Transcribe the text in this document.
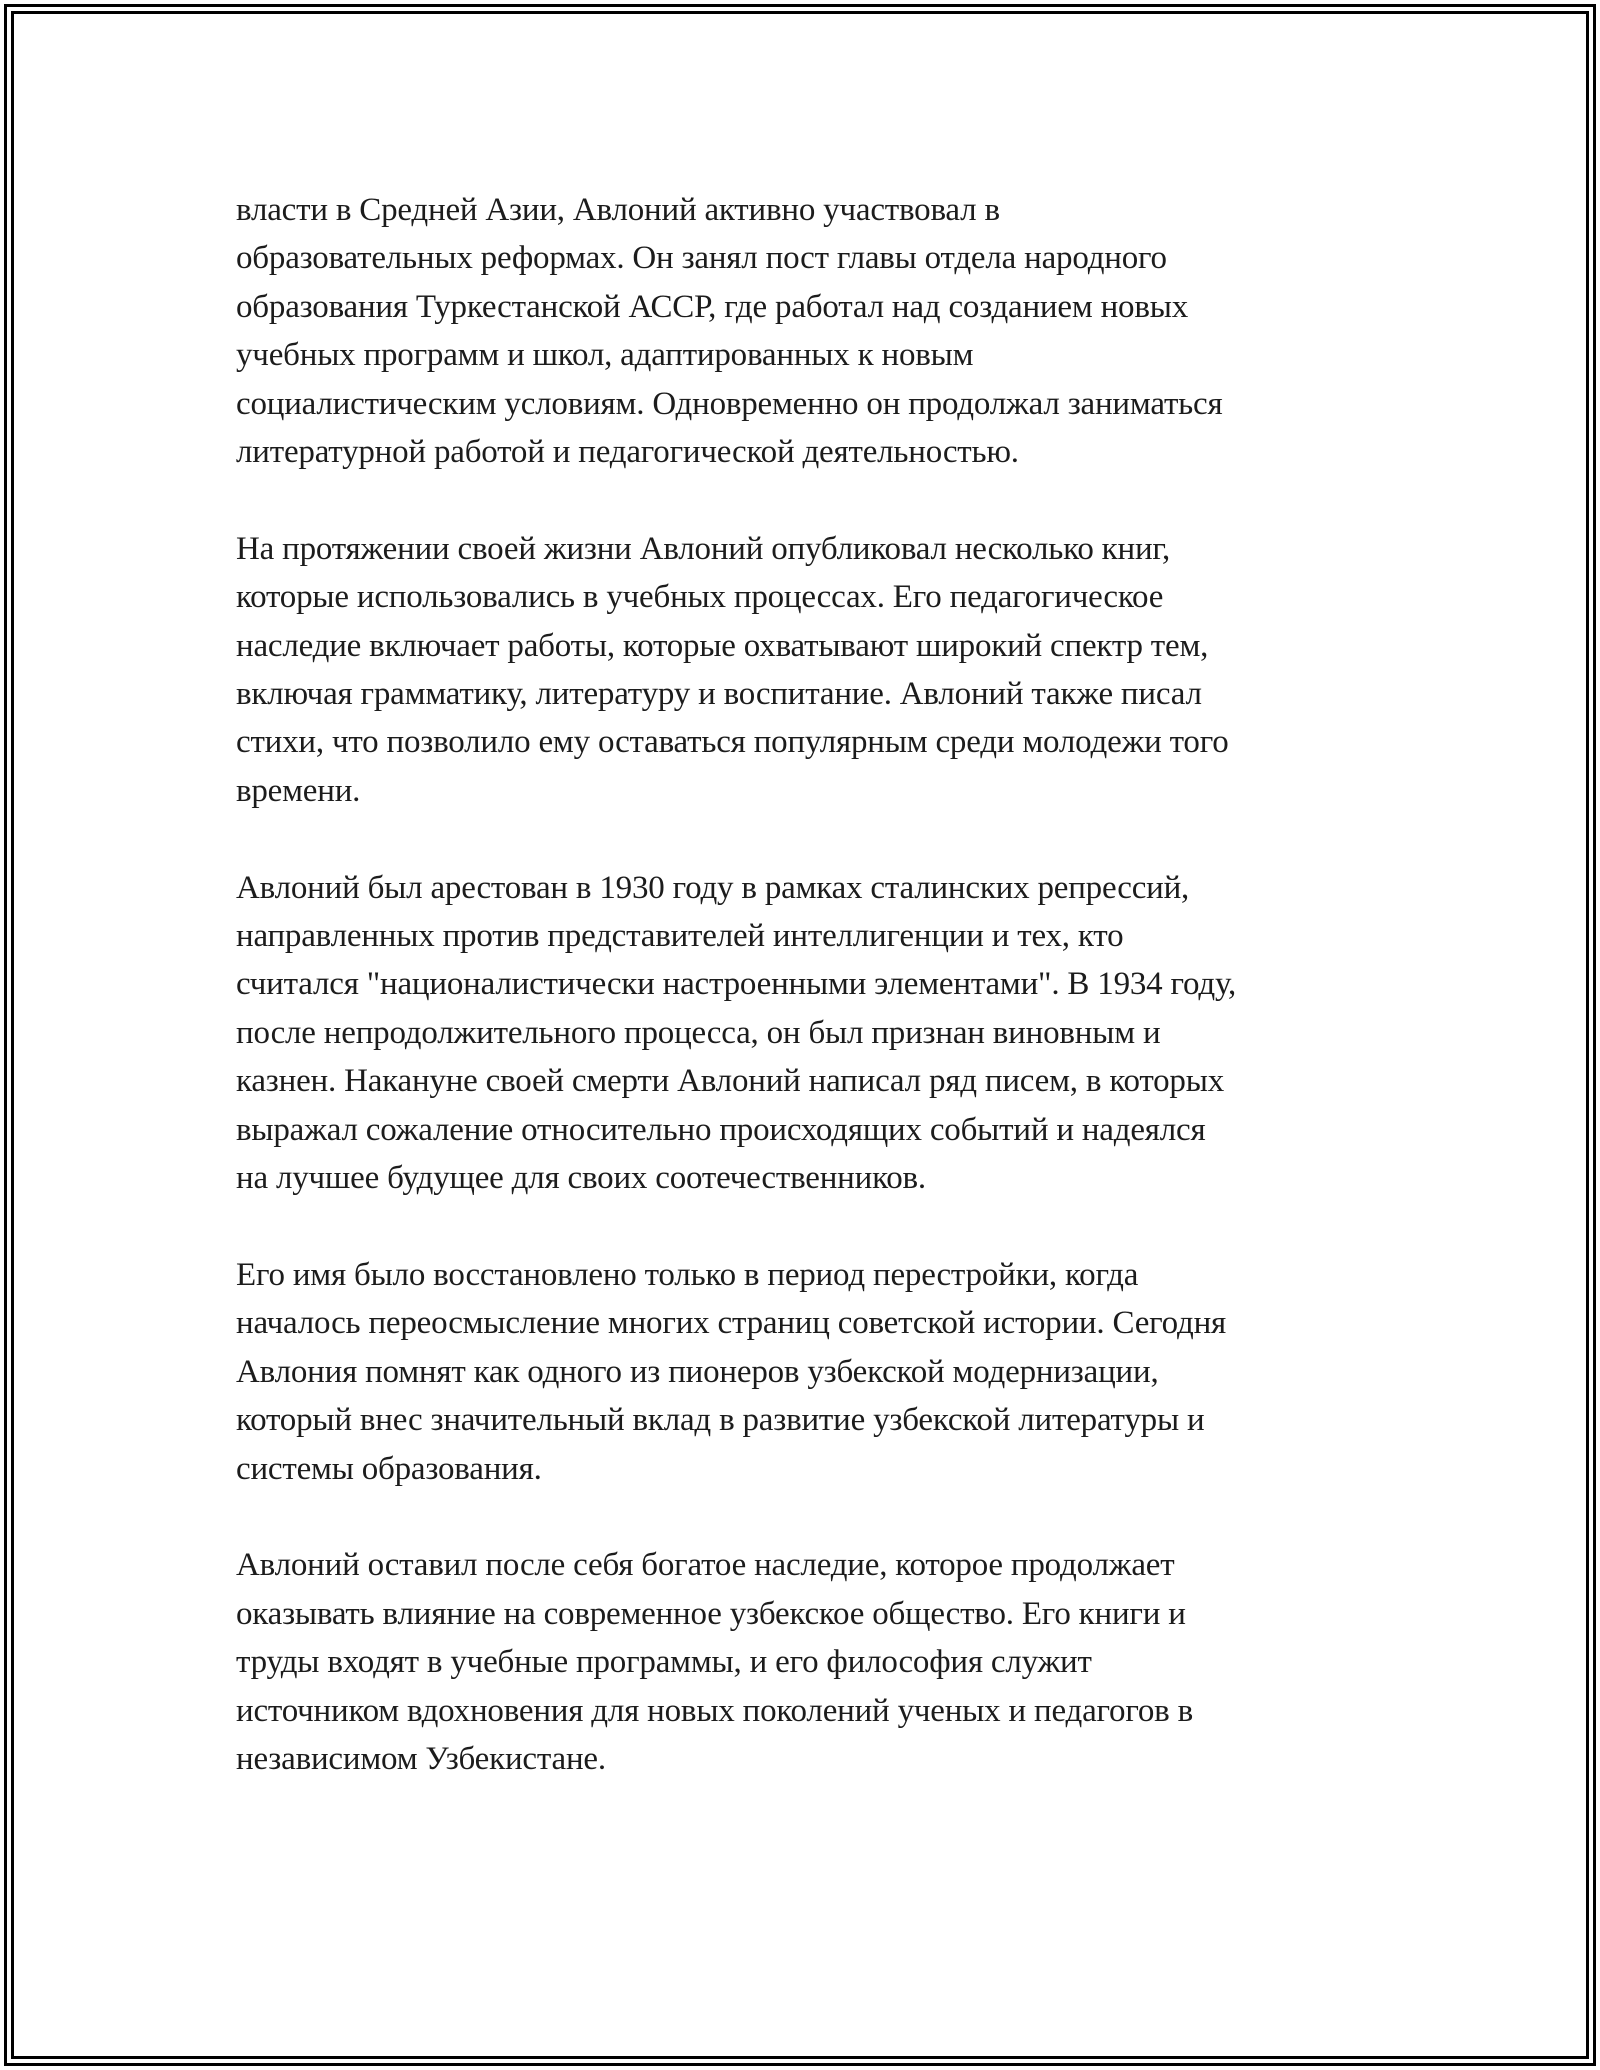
власти в Средней Азии, Авлоний активно участвовал в
образовательных реформах. Он занял пост главы отдела народного
образования Туркестанской АССР, где работал над созданием новых
учебных программ и школ, адаптированных к новым
социалистическим условиям. Одновременно он продолжал заниматься
литературной работой и педагогической деятельностью.

На протяжении своей жизни Авлоний опубликовал несколько книг,
которые использовались в учебных процессах. Его педагогическое
наследие включает работы, которые охватывают широкий спектр тем,
включая грамматику, литературу и воспитание. Авлоний также писал
стихи, что позволило ему оставаться популярным среди молодежи того
времени.

Авлоний был арестован в 1930 году в рамках сталинских репрессий,
направленных против представителей интеллигенции и тех, кто
считался "националистически настроенными элементами". В 1934 году,
после непродолжительного процесса, он был признан виновным и
казнен. Накануне своей смерти Авлоний написал ряд писем, в которых
выражал сожаление относительно происходящих событий и надеялся
на лучшее будущее для своих соотечественников.

Его имя было восстановлено только в период перестройки, когда
началось переосмысление многих страниц советской истории. Сегодня
Авлония помнят как одного из пионеров узбекской модернизации,
который внес значительный вклад в развитие узбекской литературы и
системы образования.

Авлоний оставил после себя богатое наследие, которое продолжает
оказывать влияние на современное узбекское общество. Его книги и
труды входят в учебные программы, и его философия служит
источником вдохновения для новых поколений ученых и педагогов в
независимом Узбекистане.
